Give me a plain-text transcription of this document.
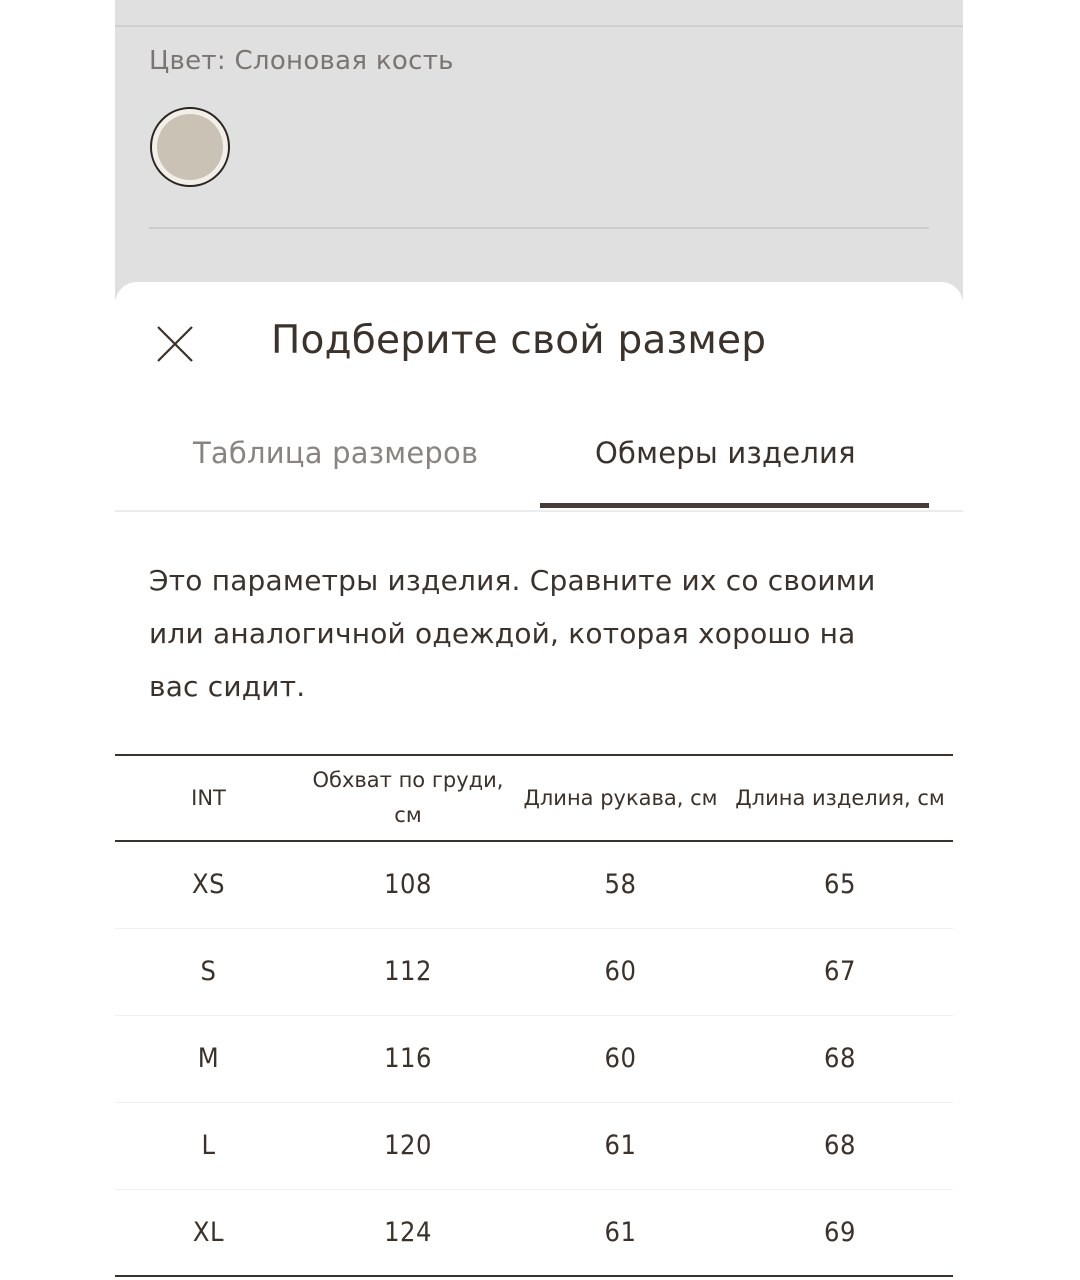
Цвет: Слоновая кость
Подберите свой размер
Таблица размеров	Обмеры изделия
Это параметры изделия. Сравните их со своими или аналогичной одеждой, которая хорошо на вас сидит.
INT	Обхват по груди, см	Длина рукава, см	Длина изделия, см
XS	108	58	65
S	112	60	67
M	116	60	68
L	120	61	68
XL	124	61	69
